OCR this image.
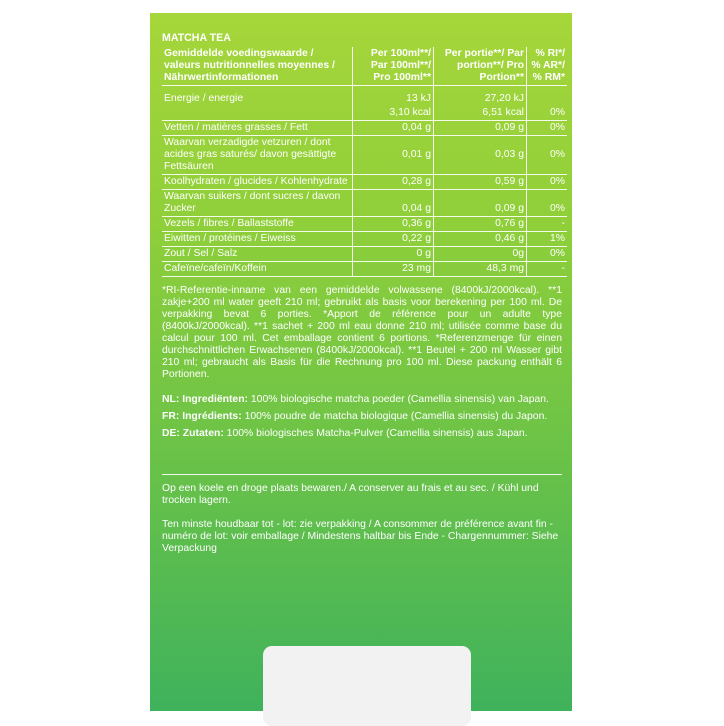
MATCHA TEA
Gemiddelde voedingswaarde / valeurs nutritionnelles moyennes / Nährwertinformationen	Per 100ml**/ Par 100ml**/ Pro 100ml**	Per portie**/ Par portion**/ Pro Portion**	% RI*/ % AR*/ % RM*

Energie / energie	13 kJ	27,20 kJ	
	3,10 kcal	6,51 kcal	0%
Vetten / matières grasses / Fett	0,04 g	0,09 g	0%
Waarvan verzadigde vetzuren / dont acides gras saturés/ davon gesättigte Fettsäuren	0,01 g	0,03 g	0%
Koolhydraten / glucides / Kohlenhydrate	0,28 g	0,59 g	0%
Waarvan suikers / dont sucres / davon Zucker	0,04 g	0,09 g	0%
Vezels / fibres / Ballaststoffe	0,36 g	0,76 g	-
Eiwitten / protéines / Eiweiss	0,22 g	0,46 g	1%
Zout / Sel / Salz	0 g	0g	0%
Cafeïne/cafeïn/Koffein	23 mg	48,3 mg	-
*RI-Referentie-inname van een gemiddelde volwassene (8400kJ/2000kcal). **1 zakje+200 ml water geeft 210 ml; gebruikt als basis voor berekening per 100 ml. De verpakking bevat 6 porties. *Apport de référence pour un adulte type (8400kJ/2000kcal). **1 sachet + 200 ml eau donne 210 ml; utilisée comme base du calcul pour 100 ml. Cet emballage contient 6 portions. *Referenzmenge für einen durchschnittlichen Erwachsenen (8400kJ/2000kcal). **1 Beutel + 200 ml Wasser gibt 210 ml; gebraucht als Basis für die Rechnung pro 100 ml. Diese packung enthält 6 Portionen.
NL: Ingrediënten: 100% biologische matcha poeder (Camellia sinensis) van Japan.
FR: Ingrédients: 100% poudre de matcha biologique (Camellia sinensis) du Japon.
DE: Zutaten: 100% biologisches Matcha-Pulver (Camellia sinensis) aus Japan.
Op een koele en droge plaats bewaren./ A conserver au frais et au sec. / Kühl und trocken lagern.
Ten minste houdbaar tot - lot: zie verpakking / A consommer de préférence avant fin - numéro de lot: voir emballage / Mindestens haltbar bis Ende - Chargennummer: Siehe Verpackung
